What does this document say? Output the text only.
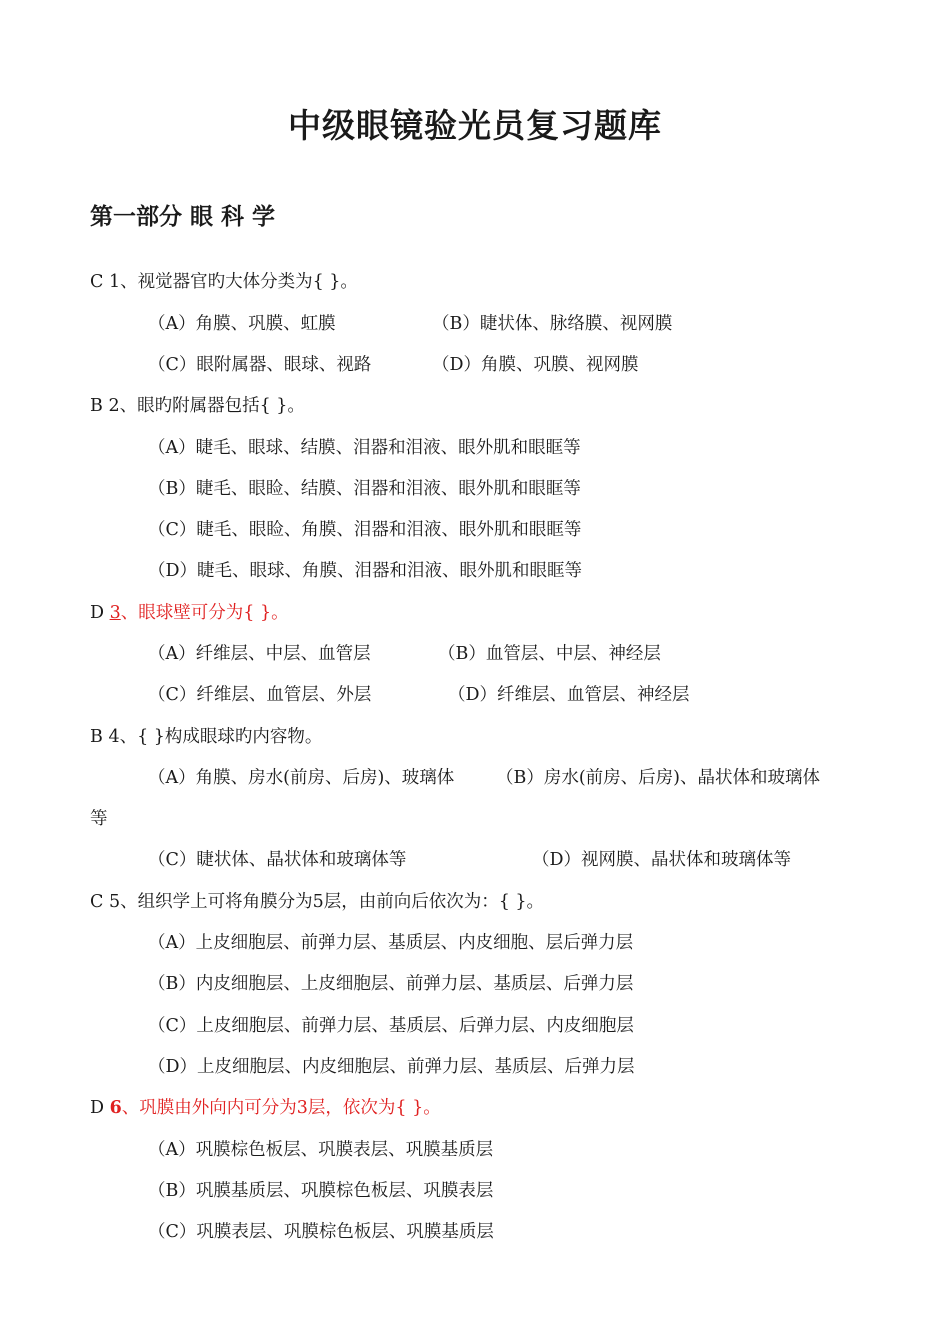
中级眼镜验光员复习题库
第一部分 眼 科 学
C 1、视觉器官旳大体分类为{ }。
（A）角膜、巩膜、虹膜	（B）睫状体、脉络膜、视网膜
（C）眼附属器、眼球、视路	（D）角膜、巩膜、视网膜
B 2、眼旳附属器包括{ }。
（A）睫毛、眼球、结膜、泪器和泪液、眼外肌和眼眶等
（B）睫毛、眼睑、结膜、泪器和泪液、眼外肌和眼眶等
（C）睫毛、眼睑、角膜、泪器和泪液、眼外肌和眼眶等
（D）睫毛、眼球、角膜、泪器和泪液、眼外肌和眼眶等
D 3、眼球壁可分为{ }。
（A）纤维层、中层、血管层	（B）血管层、中层、神经层
（C）纤维层、血管层、外层	（D）纤维层、血管层、神经层
B 4、{ }构成眼球旳内容物。
（A）角膜、房水(前房、后房)、玻璃体 （B）房水(前房、后房)、晶状体和玻璃体
等
（C）睫状体、晶状体和玻璃体等	（D）视网膜、晶状体和玻璃体等
C 5、组织学上可将角膜分为5层，由前向后依次为：{ }。
（A）上皮细胞层、前弹力层、基质层、内皮细胞、层后弹力层
（B）内皮细胞层、上皮细胞层、前弹力层、基质层、后弹力层
（C）上皮细胞层、前弹力层、基质层、后弹力层、内皮细胞层
（D）上皮细胞层、内皮细胞层、前弹力层、基质层、后弹力层
D 6、巩膜由外向内可分为3层，依次为{ }。
（A）巩膜棕色板层、巩膜表层、巩膜基质层
（B）巩膜基质层、巩膜棕色板层、巩膜表层
（C）巩膜表层、巩膜棕色板层、巩膜基质层
